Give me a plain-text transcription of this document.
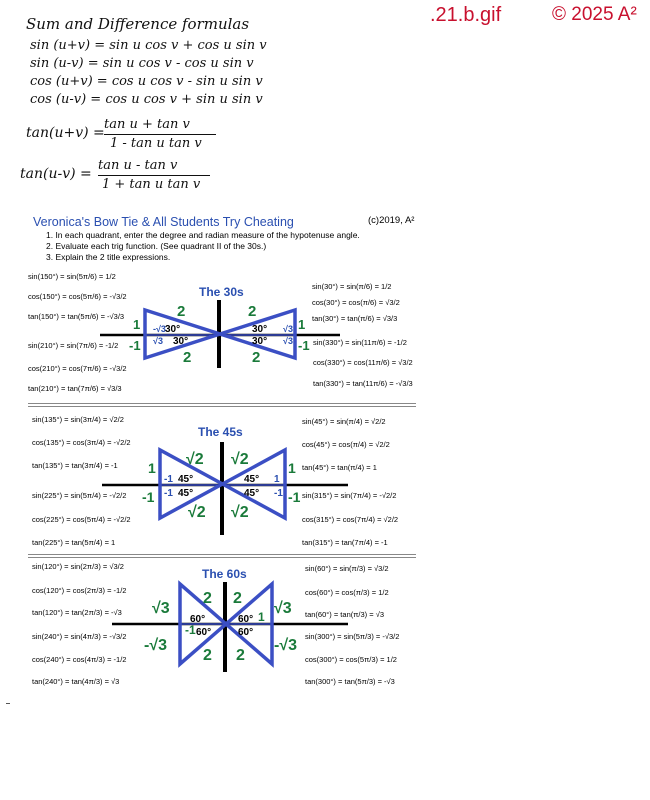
.21.b.gif	© 2025 A²
Sum and Difference formulas
sin (u+v) = sin u cos v + cos u sin v
sin (u-v) = sin u cos v - cos u sin v
cos (u+v) = cos u cos v - sin u sin v
cos (u-v) = cos u cos v + sin u sin v
tan(u+v) =
tan u + tan v
1 - tan u tan v
tan(u-v) =
tan u - tan v
1 + tan u tan v
Veronica's Bow Tie & All Students Try Cheating	(c)2019, A²
1. In each quadrant, enter the degree and radian measure of the hypotenuse angle.
2. Evaluate each trig function. (See quadrant II of the 30s.)
3. Explain the 2 title expressions.
The 30s
sin(150°) = sin(5π/6) = 1/2
cos(150°) = cos(5π/6) = -√3/2
tan(150°) = tan(5π/6) = -√3/3
sin(210°) = sin(7π/6) = -1/2
cos(210°) = cos(7π/6) = -√3/2
tan(210°) = tan(7π/6) = √3/3
sin(30°) = sin(π/6) = 1/2
cos(30°) = cos(π/6) = √3/2
tan(30°) = tan(π/6) = √3/3
sin(330°) = sin(11π/6) = -1/2
cos(330°) = cos(11π/6) = √3/2
tan(330°) = tan(11π/6) = -√3/3
2	2
2	2
1	1
-1	-1
-√3	√3
√3	√3
30°	30°
30°	30°
The 45s
sin(135°) = sin(3π/4) = √2/2
cos(135°) = cos(3π/4) = -√2/2
tan(135°) = tan(3π/4) = -1
sin(225°) = sin(5π/4) = -√2/2
cos(225°) = cos(5π/4) = -√2/2
tan(225°) = tan(5π/4) = 1
sin(45°) = sin(π/4) = √2/2
cos(45°) = cos(π/4) = √2/2
tan(45°) = tan(π/4) = 1
sin(315°) = sin(7π/4) = -√2/2
cos(315°) = cos(7π/4) = √2/2
tan(315°) = tan(7π/4) = -1
√2 √2
√2 √2
1	1
-1	-1
-1	1
-1	-1
45°	45°
45°	45°
The 60s
sin(120°) = sin(2π/3) = √3/2
cos(120°) = cos(2π/3) = -1/2
tan(120°) = tan(2π/3) = -√3
sin(240°) = sin(4π/3) = -√3/2
cos(240°) = cos(4π/3) = -1/2
tan(240°) = tan(4π/3) = √3
sin(60°) = sin(π/3) = √3/2
cos(60°) = cos(π/3) = 1/2
tan(60°) = tan(π/3) = √3
sin(300°) = sin(5π/3) = -√3/2
cos(300°) = cos(5π/3) = 1/2
tan(300°) = tan(5π/3) = -√3
2 2
2 2
√3	√3
-√3	-√3
-1
1
60°	60°
60°	60°
